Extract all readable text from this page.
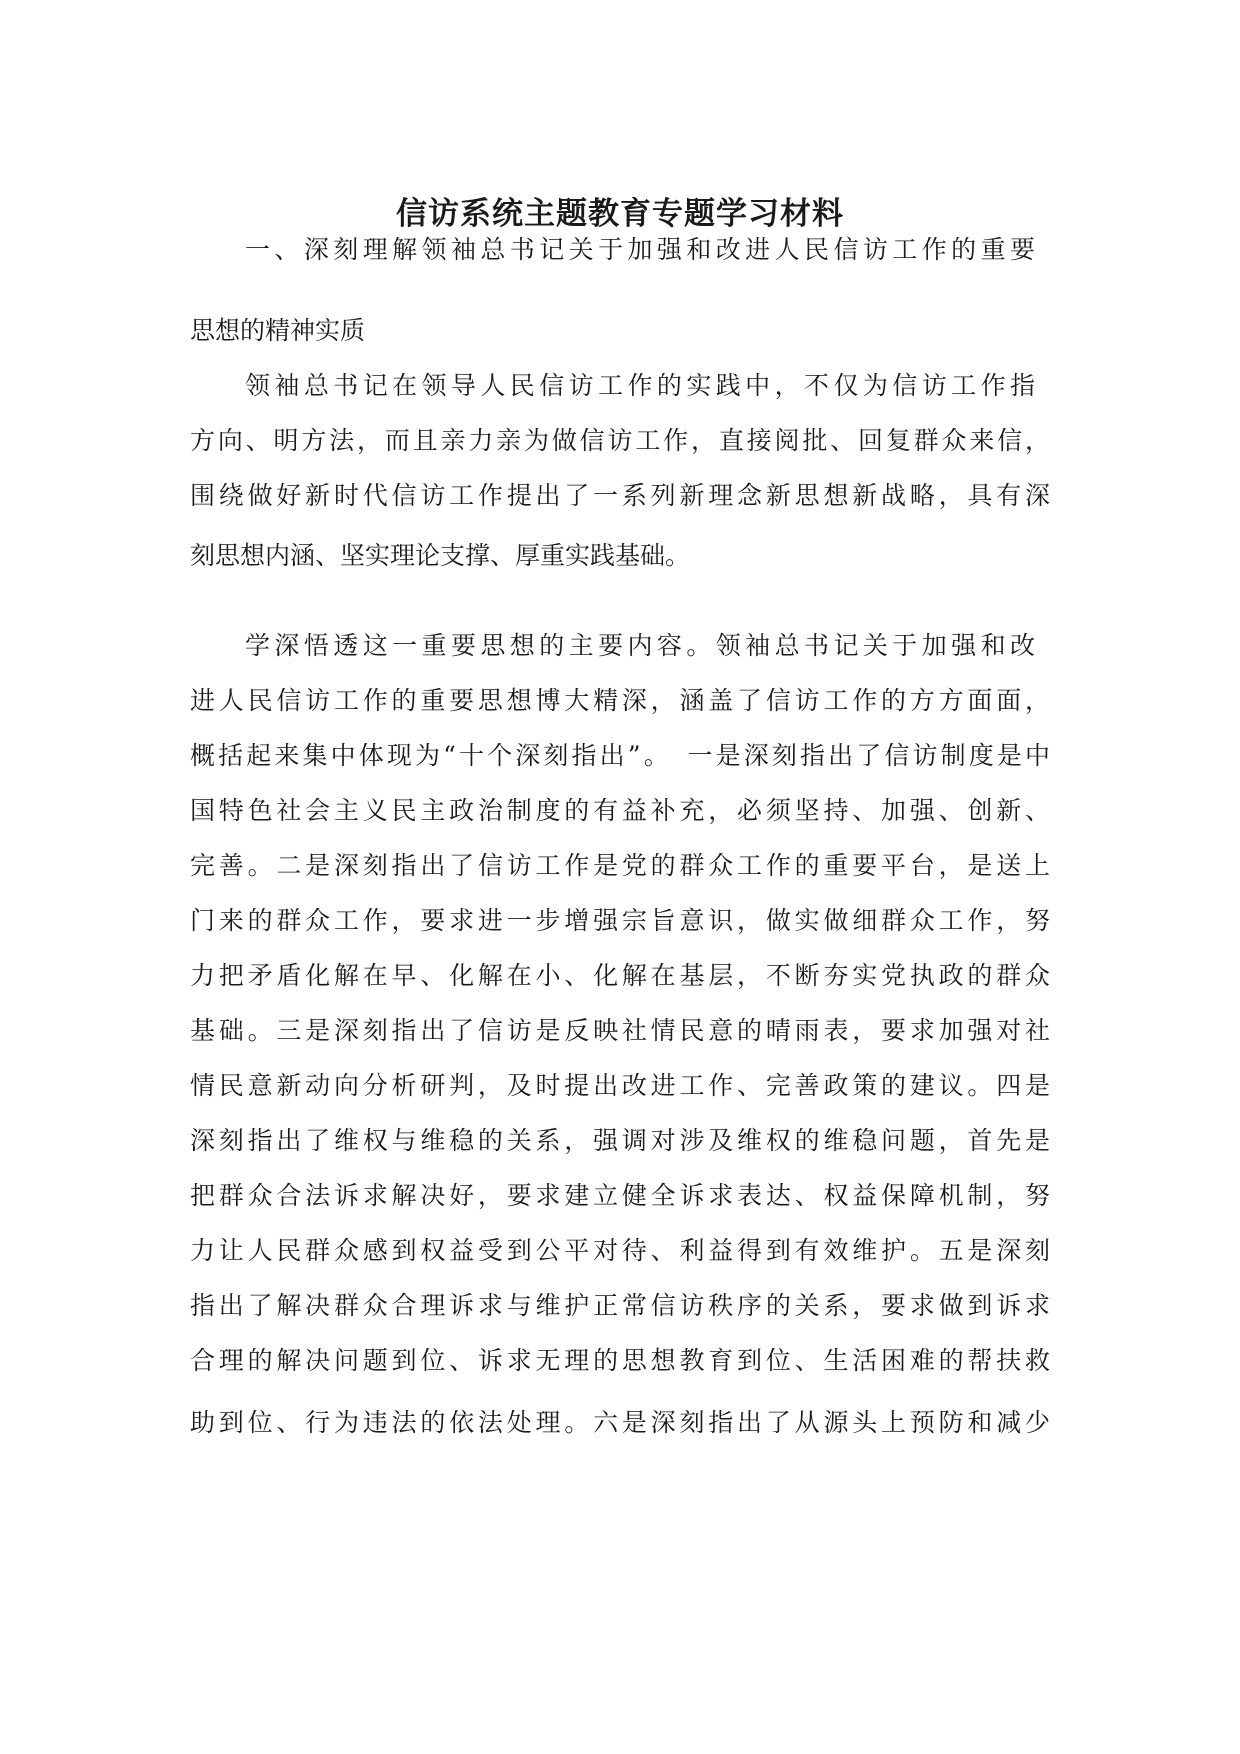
信访系统主题教育专题学习材料

一、深刻理解领袖总书记关于加强和改进人民信访工作的重要

思想的精神实质

领袖总书记在领导人民信访工作的实践中，不仅为信访工作指

方向、明方法，而且亲力亲为做信访工作，直接阅批、回复群众来信，

围绕做好新时代信访工作提出了一系列新理念新思想新战略，具有深

刻思想内涵、坚实理论支撑、厚重实践基础。

学深悟透这一重要思想的主要内容。领袖总书记关于加强和改

进人民信访工作的重要思想博大精深，涵盖了信访工作的方方面面，

概括起来集中体现为“十个深刻指出”。　一是深刻指出了信访制度是中

国特色社会主义民主政治制度的有益补充，必须坚持、加强、创新、

完善。二是深刻指出了信访工作是党的群众工作的重要平台，是送上

门来的群众工作，要求进一步增强宗旨意识，做实做细群众工作，努

力把矛盾化解在早、化解在小、化解在基层，不断夯实党执政的群众

基础。三是深刻指出了信访是反映社情民意的晴雨表，要求加强对社

情民意新动向分析研判，及时提出改进工作、完善政策的建议。四是

深刻指出了维权与维稳的关系，强调对涉及维权的维稳问题，首先是

把群众合法诉求解决好，要求建立健全诉求表达、权益保障机制，努

力让人民群众感到权益受到公平对待、利益得到有效维护。五是深刻

指出了解决群众合理诉求与维护正常信访秩序的关系，要求做到诉求

合理的解决问题到位、诉求无理的思想教育到位、生活困难的帮扶救

助到位、行为违法的依法处理。六是深刻指出了从源头上预防和减少
